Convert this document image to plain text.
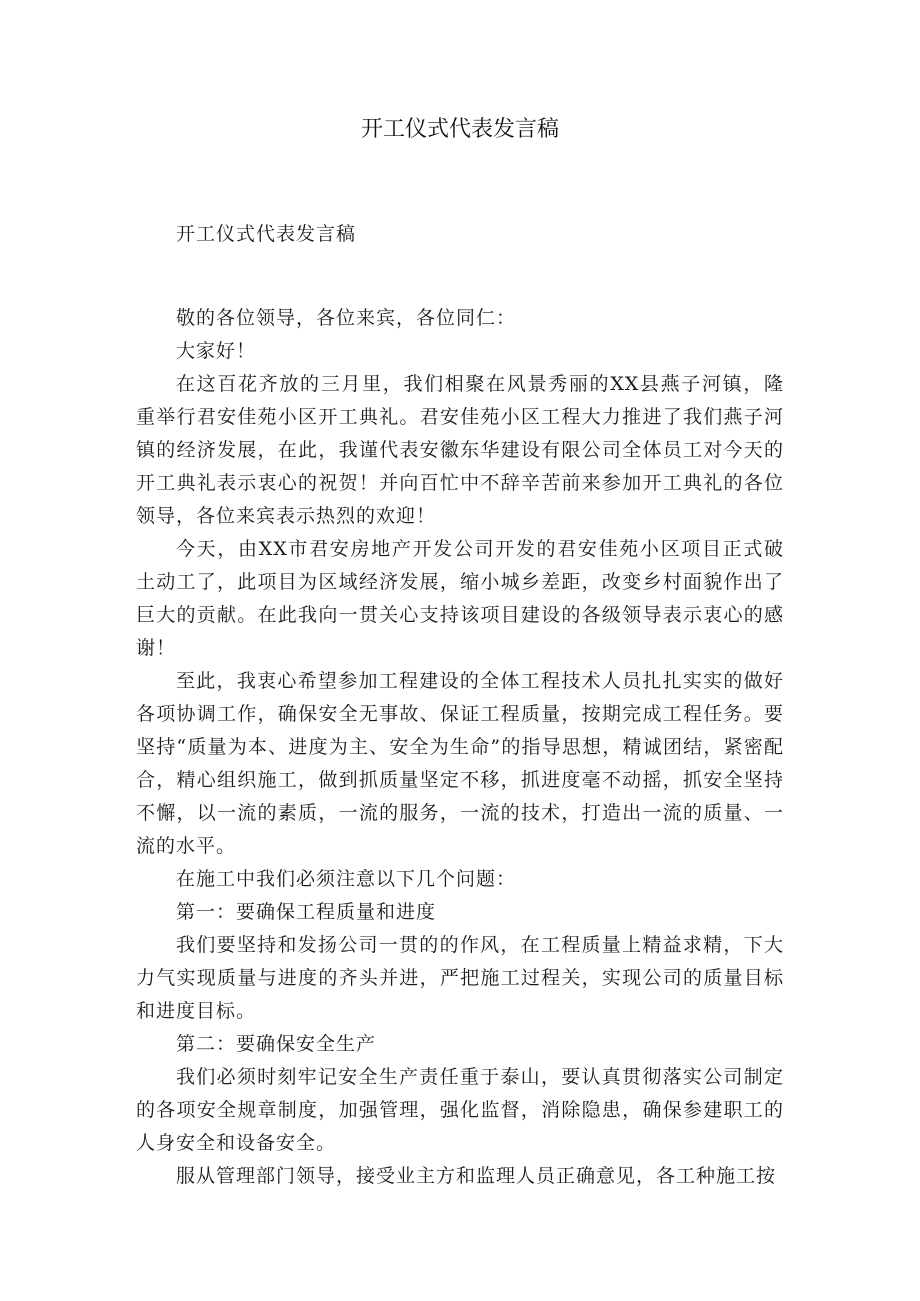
开工仪式代表发言稿

开工仪式代表发言稿

敬的各位领导，各位来宾，各位同仁：

大家好！

在这百花齐放的三月里，我们相聚在风景秀丽的XX县燕子河镇，隆重举行君安佳苑小区开工典礼。君安佳苑小区工程大力推进了我们燕子河镇的经济发展，在此，我谨代表安徽东华建设有限公司全体员工对今天的开工典礼表示衷心的祝贺！并向百忙中不辞辛苦前来参加开工典礼的各位领导，各位来宾表示热烈的欢迎！

今天，由XX市君安房地产开发公司开发的君安佳苑小区项目正式破土动工了，此项目为区域经济发展，缩小城乡差距，改变乡村面貌作出了巨大的贡献。在此我向一贯关心支持该项目建设的各级领导表示衷心的感谢！

至此，我衷心希望参加工程建设的全体工程技术人员扎扎实实的做好各项协调工作，确保安全无事故、保证工程质量，按期完成工程任务。要坚持“质量为本、进度为主、安全为生命”的指导思想，精诚团结，紧密配合，精心组织施工，做到抓质量坚定不移，抓进度毫不动摇，抓安全坚持不懈，以一流的素质，一流的服务，一流的技术，打造出一流的质量、一流的水平。

在施工中我们必须注意以下几个问题：

第一：要确保工程质量和进度

我们要坚持和发扬公司一贯的的作风，在工程质量上精益求精，下大力气实现质量与进度的齐头并进，严把施工过程关，实现公司的质量目标和进度目标。

第二：要确保安全生产

我们必须时刻牢记安全生产责任重于泰山，要认真贯彻落实公司制定的各项安全规章制度，加强管理，强化监督，消除隐患，确保参建职工的人身安全和设备安全。

服从管理部门领导，接受业主方和监理人员正确意见，各工种施工按
